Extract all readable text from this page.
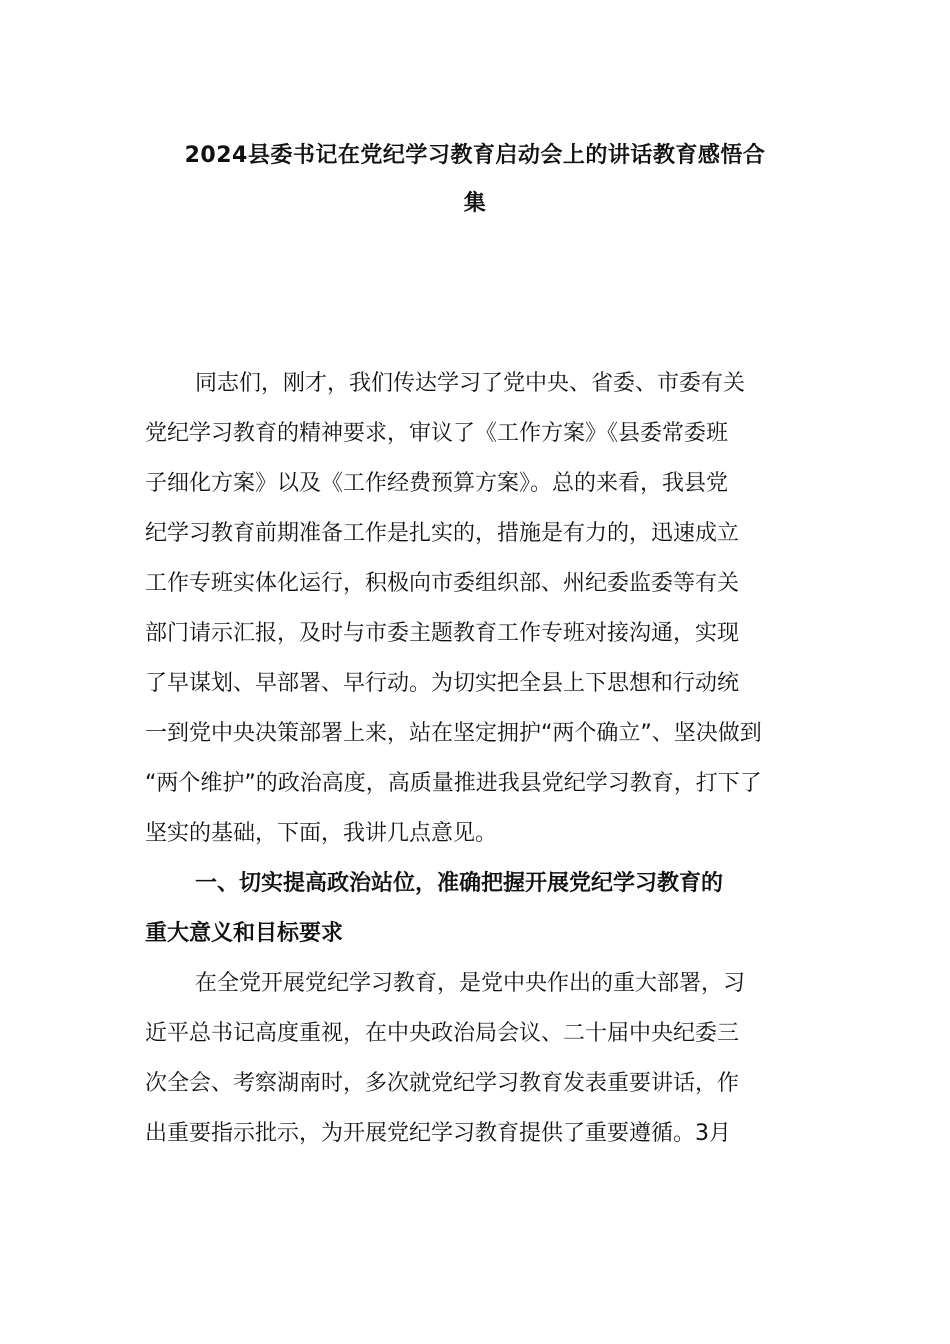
2024县委书记在党纪学习教育启动会上的讲话教育感悟合
集

同志们，刚才，我们传达学习了党中央、省委、市委有关
党纪学习教育的精神要求，审议了《工作方案》《县委常委班
子细化方案》以及《工作经费预算方案》。总的来看，我县党
纪学习教育前期准备工作是扎实的，措施是有力的，迅速成立
工作专班实体化运行，积极向市委组织部、州纪委监委等有关
部门请示汇报，及时与市委主题教育工作专班对接沟通，实现
了早谋划、早部署、早行动。为切实把全县上下思想和行动统
一到党中央决策部署上来，站在坚定拥护“两个确立”、坚决做到
“两个维护”的政治高度，高质量推进我县党纪学习教育，打下了
坚实的基础，下面，我讲几点意见。

一、切实提高政治站位，准确把握开展党纪学习教育的
重大意义和目标要求

在全党开展党纪学习教育，是党中央作出的重大部署，习
近平总书记高度重视，在中央政治局会议、二十届中央纪委三
次全会、考察湖南时，多次就党纪学习教育发表重要讲话，作
出重要指示批示，为开展党纪学习教育提供了重要遵循。3月
